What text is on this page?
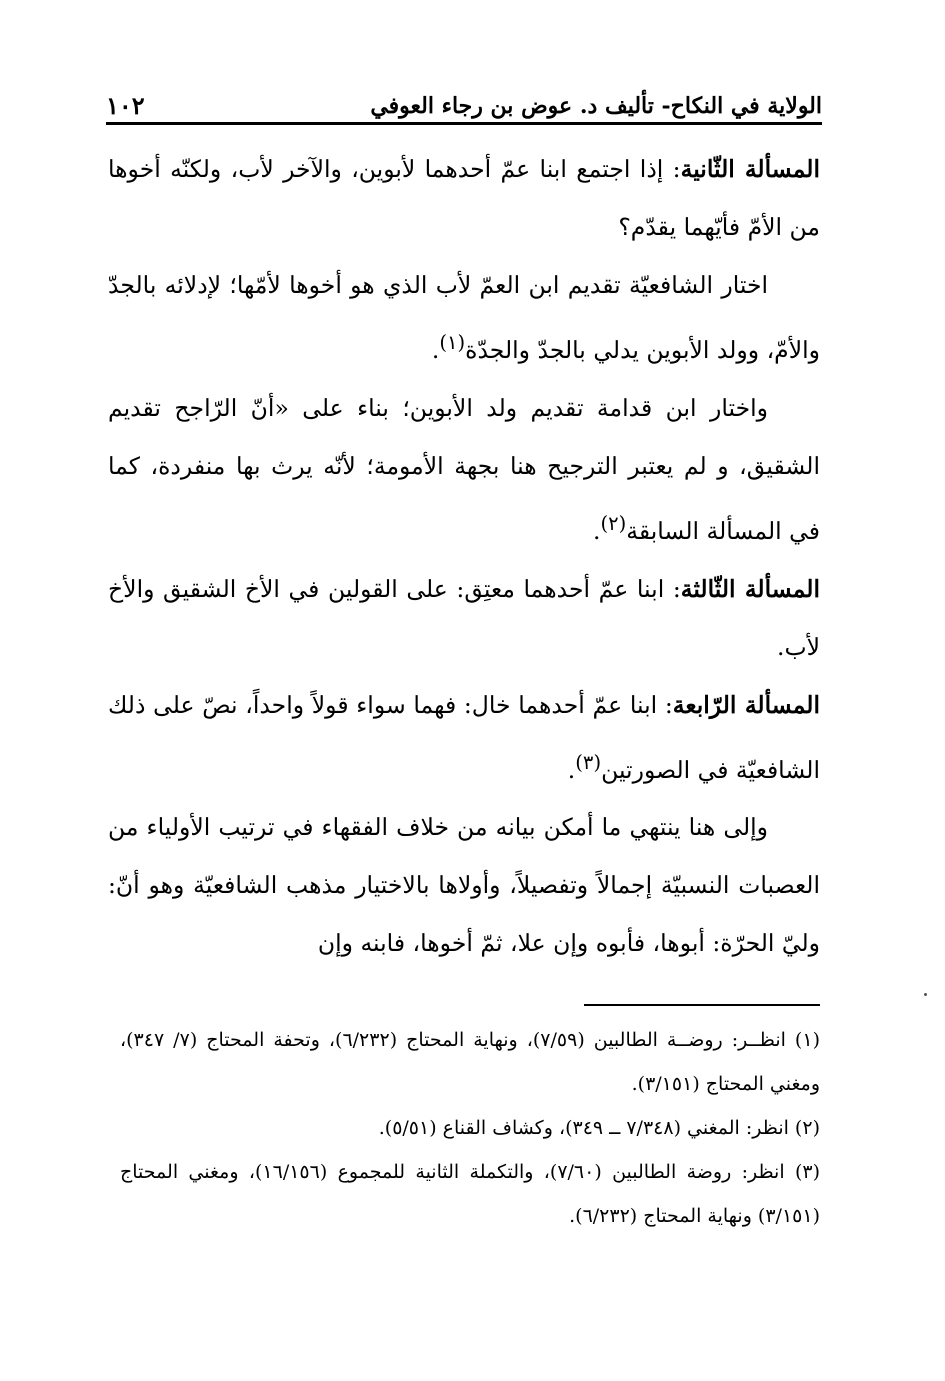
الولاية في النكاح- تأليف د. عوض بن رجاء العوفي
١٠٢

المسألة الثّانية: إذا اجتمع ابنا عمّ أحدهما لأبوين، والآخر لأب، ولكنّه أخوها من الأمّ فأيّهما يقدّم؟

اختار الشافعيّة تقديم ابن العمّ لأب الذي هو أخوها لأمّها؛ لإدلائه بالجدّ والأمّ، وولد الأبوين يدلي بالجدّ والجدّة$^{(١)}$.

واختار ابن قدامة تقديم ولد الأبوين؛ بناء على «أنّ الرّاجح تقديم الشقيق، و لم يعتبر الترجيح هنا بجهة الأمومة؛ لأنّه يرث بها منفردة، كما في المسألة السابقة$^{(٢)}$.

المسألة الثّالثة: ابنا عمّ أحدهما معتِق: على القولين في الأخ الشقيق والأخ لأب.

المسألة الرّابعة: ابنا عمّ أحدهما خال: فهما سواء قولاً واحداً، نصّ على ذلك الشافعيّة في الصورتين$^{(٣)}$.

وإلى هنا ينتهي ما أمكن بيانه من خلاف الفقهاء في ترتيب الأولياء من العصبات النسبيّة إجمالاً وتفصيلاً، وأولاها بالاختيار مذهب الشافعيّة وهو أنّ: وليّ الحرّة: أبوها، فأبوه وإن علا، ثمّ أخوها، فابنه وإن

(١) انظــر: روضــة الطالبين (٧/٥٩)، ونهاية المحتاج (٦/٢٣٢)، وتحفة المحتاج (٧/ ٣٤٧)، ومغني المحتاج (٣/١٥١).

(٢) انظر: المغني (٧/٣٤٨ ــ ٣٤٩)، وكشاف القناع (٥/٥١).

(٣) انظر: روضة الطالبين (٧/٦٠)، والتكملة الثانية للمجموع (١٦/١٥٦)، ومغني المحتاج (٣/١٥١) ونهاية المحتاج (٦/٢٣٢).
